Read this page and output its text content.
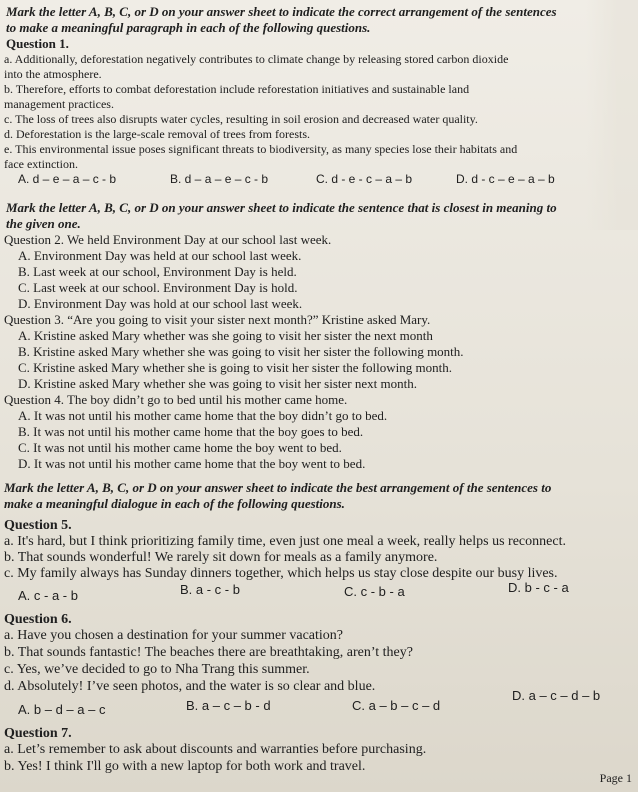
Mark the letter A, B, C, or D on your answer sheet to indicate the correct arrangement of the sentences
to make a meaningful paragraph in each of the following questions.
Question 1.
a. Additionally, deforestation negatively contributes to climate change by releasing stored carbon dioxide
into the atmosphere.
b. Therefore, efforts to combat deforestation include reforestation initiatives and sustainable land
management practices.
c. The loss of trees also disrupts water cycles, resulting in soil erosion and decreased water quality.
d. Deforestation is the large-scale removal of trees from forests.
e. This environmental issue poses significant threats to biodiversity, as many species lose their habitats and
face extinction.
A. d – e – a – c - b	B. d – a – e – c - b	C. d - e - c – a – b	D. d - c – e – a – b
Mark the letter A, B, C, or D on your answer sheet to indicate the sentence that is closest in meaning to
the given one.
Question 2. We held Environment Day at our school last week.
A. Environment Day was held at our school last week.
B. Last week at our school, Environment Day is held.
C. Last week at our school. Environment Day is hold.
D. Environment Day was hold at our school last week.
Question 3. “Are you going to visit your sister next month?” Kristine asked Mary.
A. Kristine asked Mary whether was she going to visit her sister the next month
B. Kristine asked Mary whether she was going to visit her sister the following month.
C. Kristine asked Mary whether she is going to visit her sister the following month.
D. Kristine asked Mary whether she was going to visit her sister next month.
Question 4. The boy didn’t go to bed until his mother came home.
A. It was not until his mother came home that the boy didn’t go to bed.
B. It was not until his mother came home that the boy goes to bed.
C. It was not until his mother came home the boy went to bed.
D. It was not until his mother came home that the boy went to bed.
Mark the letter A, B, C, or D on your answer sheet to indicate the best arrangement of the sentences to
make a meaningful dialogue in each of the following questions.
Question 5.
a. It's hard, but I think prioritizing family time, even just one meal a week, really helps us reconnect.
b. That sounds wonderful! We rarely sit down for meals as a family anymore.
c. My family always has Sunday dinners together, which helps us stay close despite our busy lives.
A. c - a - b	B. a - c - b	C. c - b - a	D. b - c - a
Question 6.
a. Have you chosen a destination for your summer vacation?
b. That sounds fantastic! The beaches there are breathtaking, aren’t they?
c. Yes, we’ve decided to go to Nha Trang this summer.
d. Absolutely! I’ve seen photos, and the water is so clear and blue.
A. b – d – a – c	B. a – c – b - d	C. a – b – c – d
D. a – c – d – b
Question 7.
a. Let’s remember to ask about discounts and warranties before purchasing.
b. Yes! I think I'll go with a new laptop for both work and travel.
Page 1
